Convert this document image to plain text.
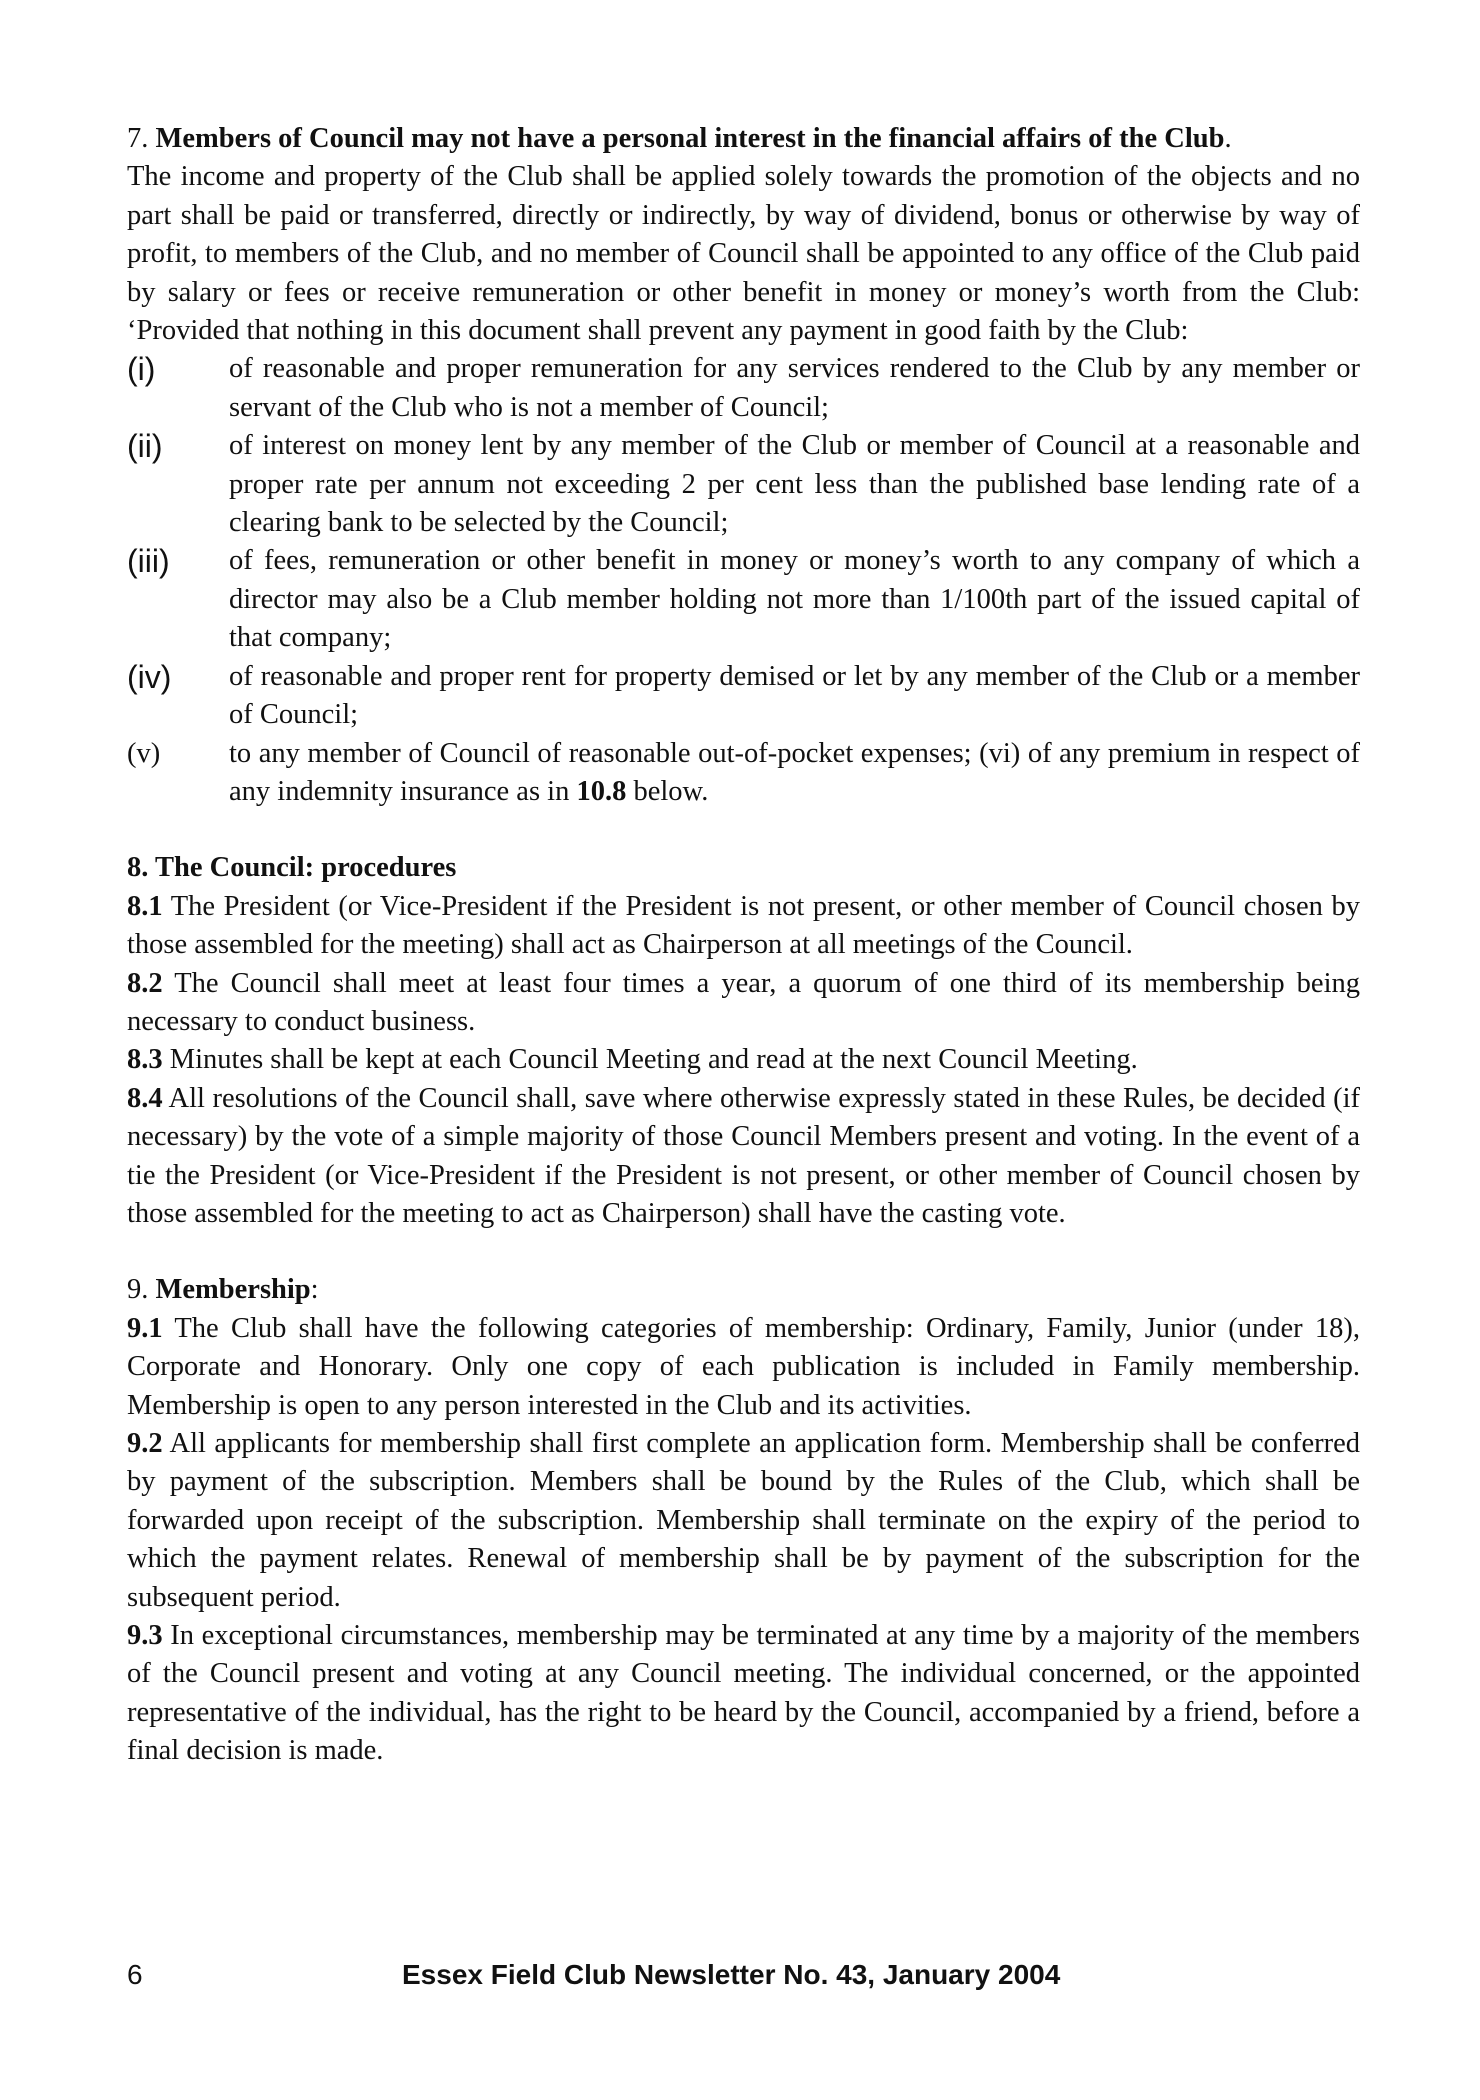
7. Members of Council may not have a personal interest in the financial affairs of the Club.

The income and property of the Club shall be applied solely towards the promotion of the objects and no part shall be paid or transferred, directly or indirectly, by way of dividend, bonus or otherwise by way of profit, to members of the Club, and no member of Council shall be appointed to any office of the Club paid by salary or fees or receive remuneration or other benefit in money or money’s worth from the Club: ‘Provided that nothing in this document shall prevent any payment in good faith by the Club:

(i)	of reasonable and proper remuneration for any services rendered to the Club by any member or servant of the Club who is not a member of Council;
(ii)	of interest on money lent by any member of the Club or member of Council at a reasonable and proper rate per annum not exceeding 2 per cent less than the published base lending rate of a clearing bank to be selected by the Council;
(iii)	of fees, remuneration or other benefit in money or money’s worth to any company of which a director may also be a Club member holding not more than 1/100th part of the issued capital of that company;
(iv)	of reasonable and proper rent for property demised or let by any member of the Club or a member of Council;
(v)	to any member of Council of reasonable out-of-pocket expenses; (vi) of any premium in respect of any indemnity insurance as in 10.8 below.

8. The Council: procedures

8.1 The President (or Vice-President if the President is not present, or other member of Council chosen by those assembled for the meeting) shall act as Chairperson at all meetings of the Council.

8.2 The Council shall meet at least four times a year, a quorum of one third of its membership being necessary to conduct business.

8.3 Minutes shall be kept at each Council Meeting and read at the next Council Meeting.

8.4 All resolutions of the Council shall, save where otherwise expressly stated in these Rules, be decided (if necessary) by the vote of a simple majority of those Council Members present and voting. In the event of a tie the President (or Vice-President if the President is not present, or other member of Council chosen by those assembled for the meeting to act as Chairperson) shall have the casting vote.

9. Membership:

9.1 The Club shall have the following categories of membership: Ordinary, Family, Junior (under 18), Corporate and Honorary. Only one copy of each publication is included in Family membership. Membership is open to any person interested in the Club and its activities.

9.2 All applicants for membership shall first complete an application form. Membership shall be conferred by payment of the subscription. Members shall be bound by the Rules of the Club, which shall be forwarded upon receipt of the subscription. Membership shall terminate on the expiry of the period to which the payment relates. Renewal of membership shall be by payment of the subscription for the subsequent period.

9.3 In exceptional circumstances, membership may be terminated at any time by a majority of the members of the Council present and voting at any Council meeting. The individual concerned, or the appointed representative of the individual, has the right to be heard by the Council, accompanied by a friend, before a final decision is made.

6	Essex Field Club Newsletter No. 43, January 2004
